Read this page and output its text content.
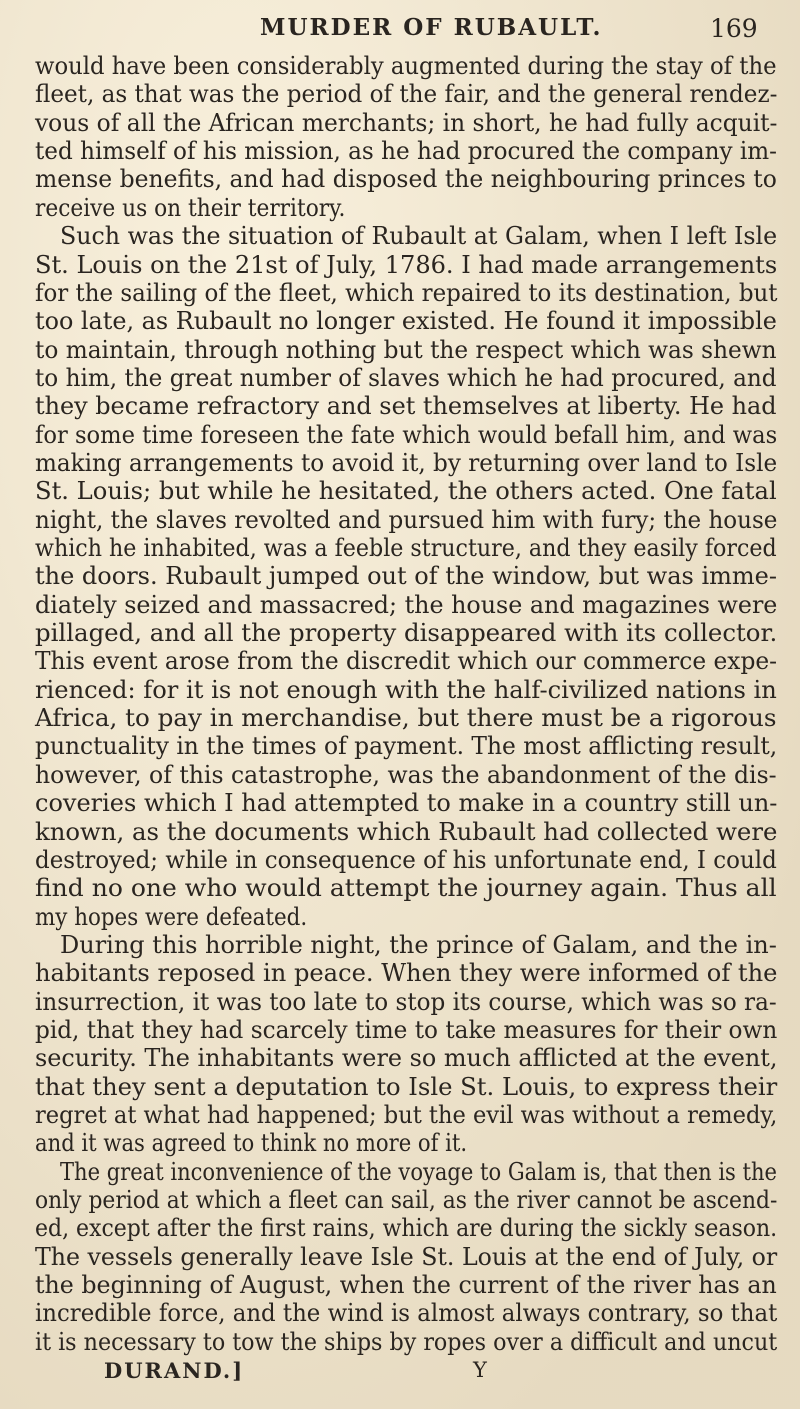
MURDER OF RUBAULT.	169
would have been considerably augmented during the stay of the
fleet, as that was the period of the fair, and the general rendez-
vous of all the African merchants; in short, he had fully acquit-
ted himself of his mission, as he had procured the company im-
mense benefits, and had disposed the neighbouring princes to
receive us on their territory.
Such was the situation of Rubault at Galam, when I left Isle
St. Louis on the 21st of July, 1786. I had made arrangements
for the sailing of the fleet, which repaired to its destination, but
too late, as Rubault no longer existed. He found it impossible
to maintain, through nothing but the respect which was shewn
to him, the great number of slaves which he had procured, and
they became refractory and set themselves at liberty. He had
for some time foreseen the fate which would befall him, and was
making arrangements to avoid it, by returning over land to Isle
St. Louis; but while he hesitated, the others acted. One fatal
night, the slaves revolted and pursued him with fury; the house
which he inhabited, was a feeble structure, and they easily forced
the doors. Rubault jumped out of the window, but was imme-
diately seized and massacred; the house and magazines were
pillaged, and all the property disappeared with its collector.
This event arose from the discredit which our commerce expe-
rienced: for it is not enough with the half-civilized nations in
Africa, to pay in merchandise, but there must be a rigorous
punctuality in the times of payment. The most afflicting result,
however, of this catastrophe, was the abandonment of the dis-
coveries which I had attempted to make in a country still un-
known, as the documents which Rubault had collected were
destroyed; while in consequence of his unfortunate end, I could
find no one who would attempt the journey again. Thus all
my hopes were defeated.
During this horrible night, the prince of Galam, and the in-
habitants reposed in peace. When they were informed of the
insurrection, it was too late to stop its course, which was so ra-
pid, that they had scarcely time to take measures for their own
security. The inhabitants were so much afflicted at the event,
that they sent a deputation to Isle St. Louis, to express their
regret at what had happened; but the evil was without a remedy,
and it was agreed to think no more of it.
The great inconvenience of the voyage to Galam is, that then is the
only period at which a fleet can sail, as the river cannot be ascend-
ed, except after the first rains, which are during the sickly season.
The vessels generally leave Isle St. Louis at the end of July, or
the beginning of August, when the current of the river has an
incredible force, and the wind is almost always contrary, so that
it is necessary to tow the ships by ropes over a difficult and uncut
DURAND.]	Y
